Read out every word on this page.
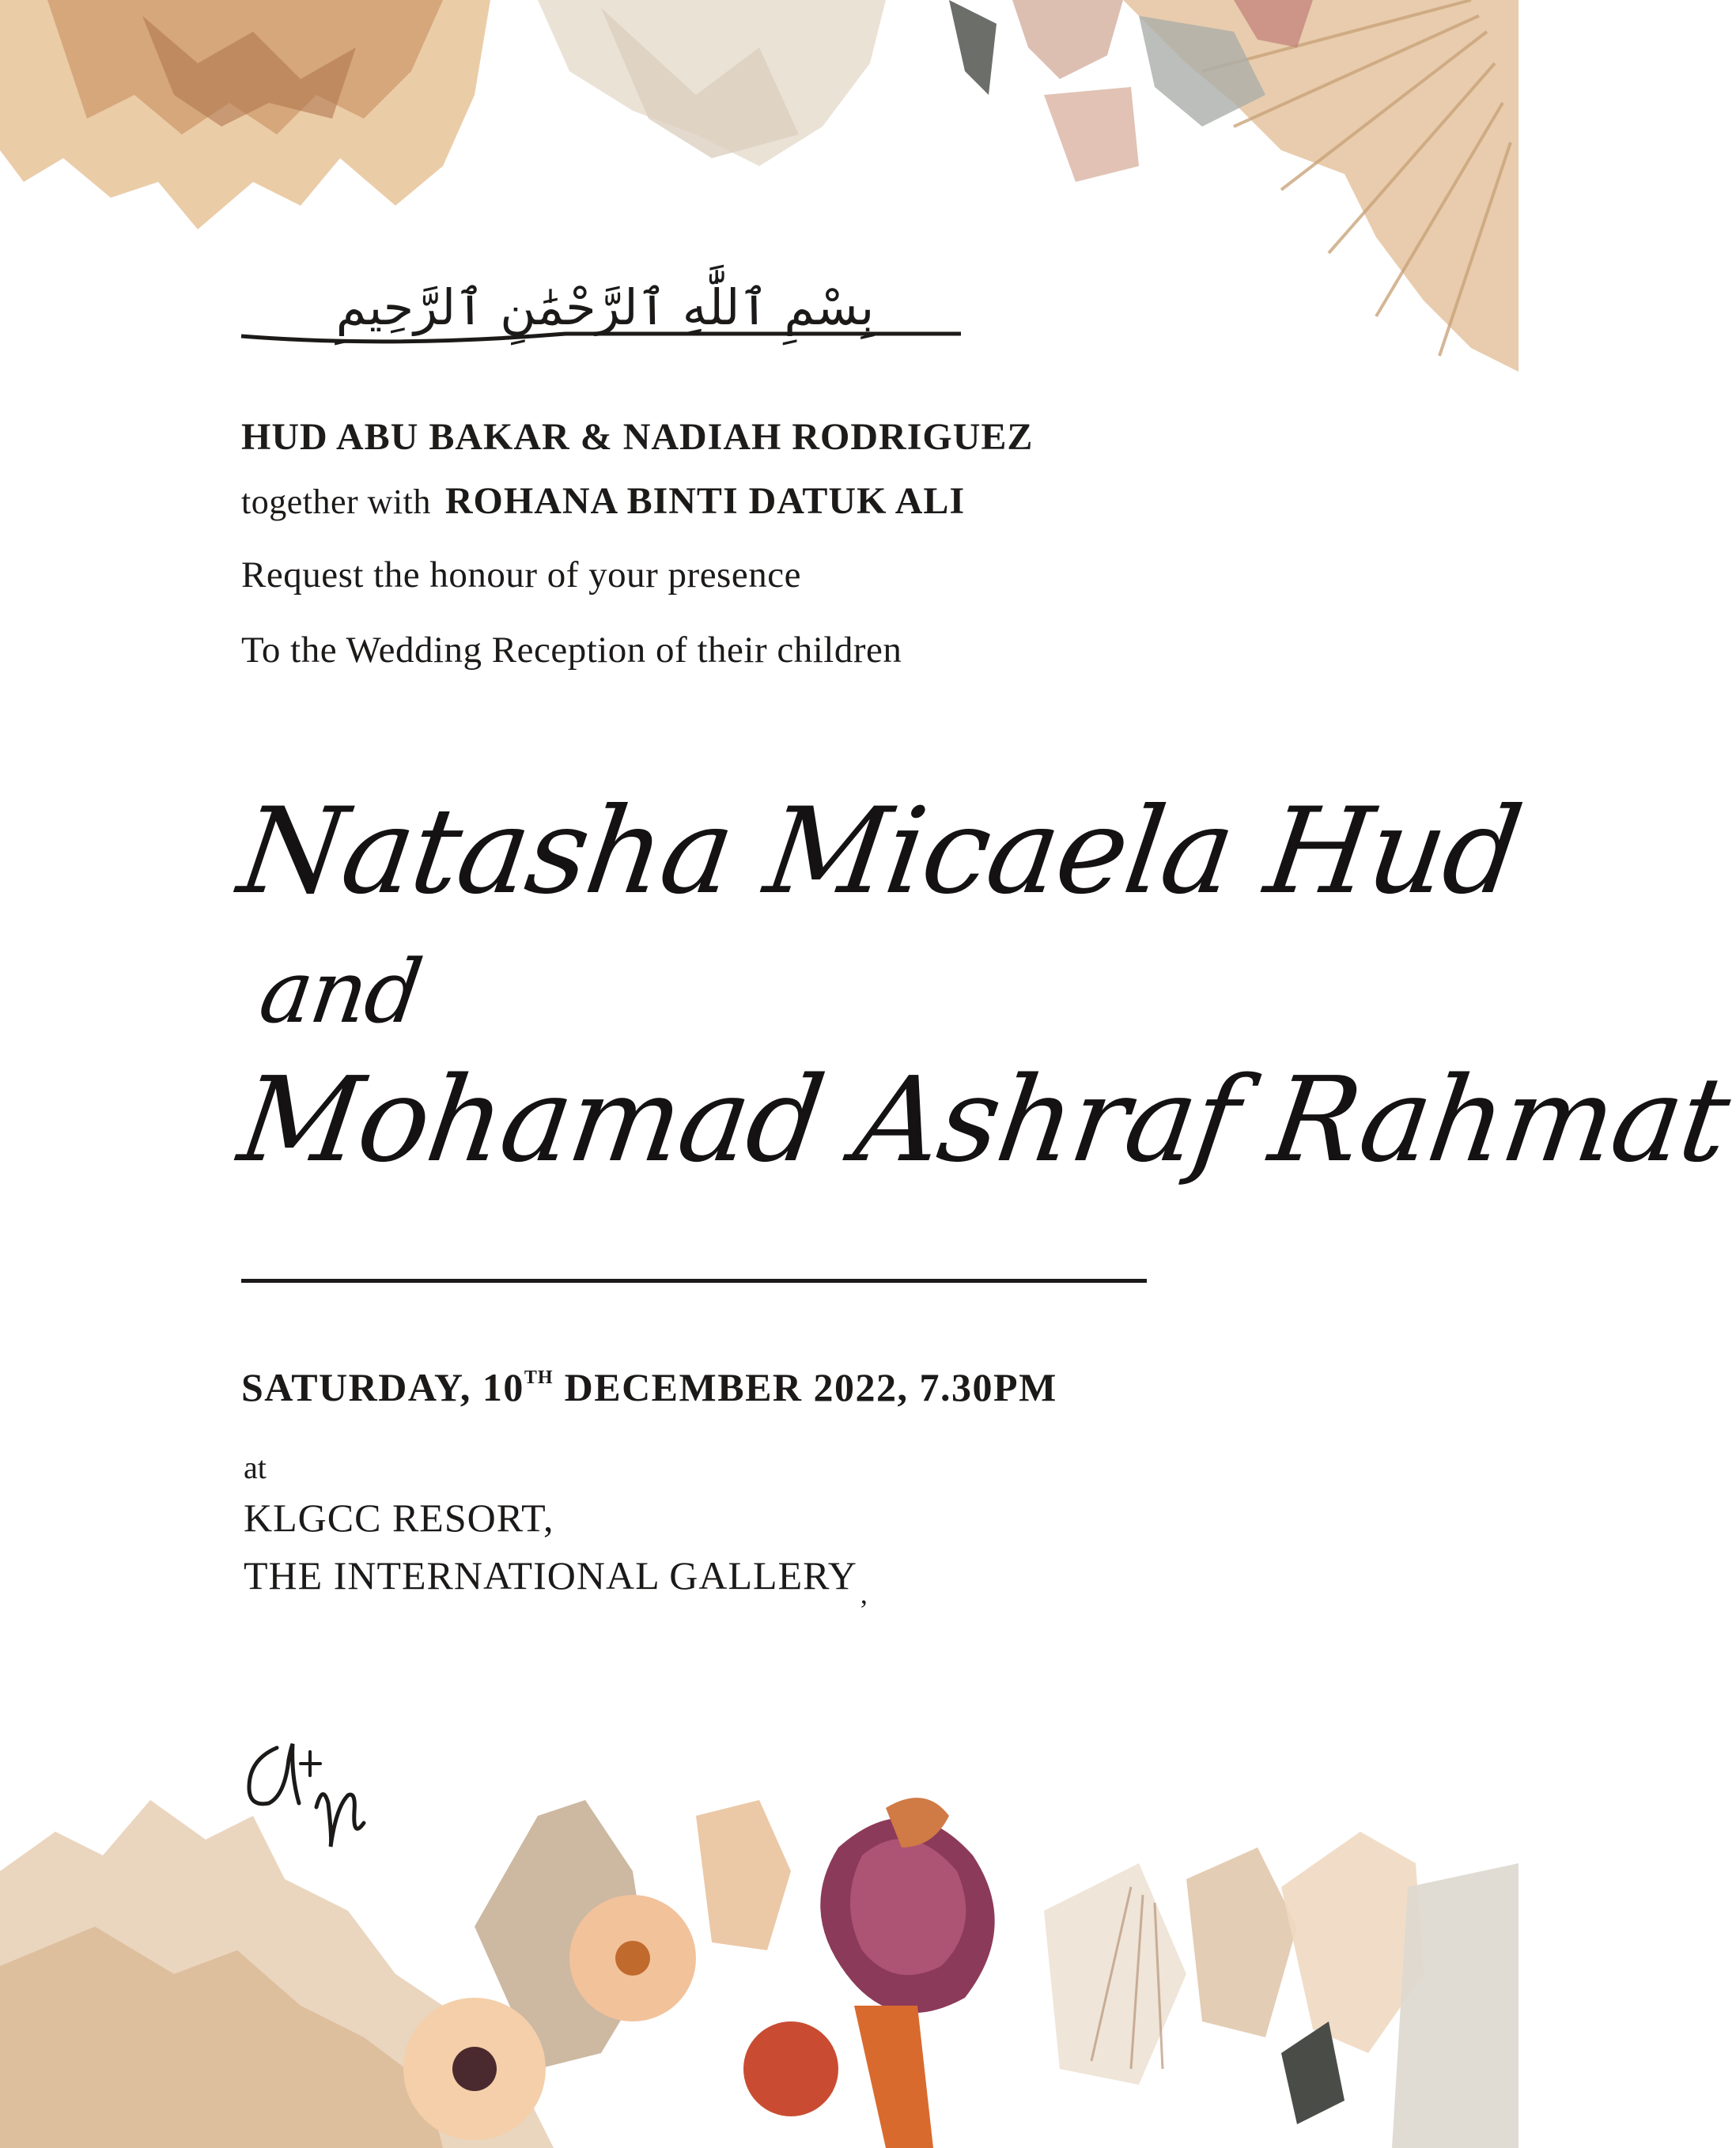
بِسْمِ ٱللَّٰهِ ٱلرَّحْمَٰنِ ٱلرَّحِيمِ
HUD ABU BAKAR & NADIAH RODRIGUEZ
together with ROHANA BINTI DATUK ALI
Request the honour of your presence
To the Wedding Reception of their children
Natasha Micaela Hud
and
Mohamad Ashraf Rahmat
SATURDAY, 10TH DECEMBER 2022, 7.30PM
at
KLGCC RESORT,
THE INTERNATIONAL GALLERY $_,$
